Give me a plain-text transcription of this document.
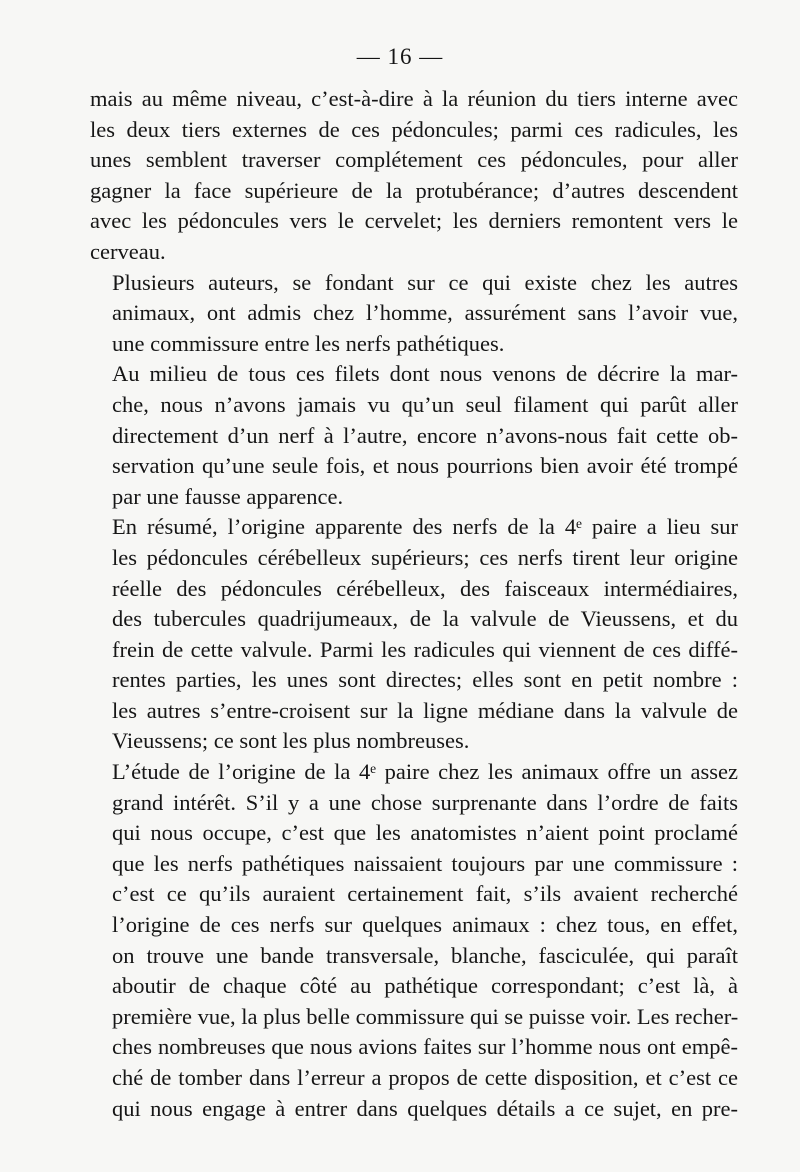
— 16 —

mais au même niveau, c’est-à-dire à la réunion du tiers interne avec
les deux tiers externes de ces pédoncules; parmi ces radicules, les
unes semblent traverser complétement ces pédoncules, pour aller
gagner la face supérieure de la protubérance; d’autres descendent
avec les pédoncules vers le cervelet; les derniers remontent vers le
cerveau.

Plusieurs auteurs, se fondant sur ce qui existe chez les autres
animaux, ont admis chez l’homme, assurément sans l’avoir vue,
une commissure entre les nerfs pathétiques.

Au milieu de tous ces filets dont nous venons de décrire la mar-
che, nous n’avons jamais vu qu’un seul filament qui parût aller
directement d’un nerf à l’autre, encore n’avons-nous fait cette ob-
servation qu’une seule fois, et nous pourrions bien avoir été trompé
par une fausse apparence.

En résumé, l’origine apparente des nerfs de la 4ᵉ paire a lieu sur
les pédoncules cérébelleux supérieurs; ces nerfs tirent leur origine
réelle des pédoncules cérébelleux, des faisceaux intermédiaires,
des tubercules quadrijumeaux, de la valvule de Vieussens, et du
frein de cette valvule. Parmi les radicules qui viennent de ces diffé-
rentes parties, les unes sont directes; elles sont en petit nombre :
les autres s’entre-croisent sur la ligne médiane dans la valvule de
Vieussens; ce sont les plus nombreuses.

L’étude de l’origine de la 4ᵉ paire chez les animaux offre un assez
grand intérêt. S’il y a une chose surprenante dans l’ordre de faits
qui nous occupe, c’est que les anatomistes n’aient point proclamé
que les nerfs pathétiques naissaient toujours par une commissure :
c’est ce qu’ils auraient certainement fait, s’ils avaient recherché
l’origine de ces nerfs sur quelques animaux : chez tous, en effet,
on trouve une bande transversale, blanche, fasciculée, qui paraît
aboutir de chaque côté au pathétique correspondant; c’est là, à
première vue, la plus belle commissure qui se puisse voir. Les recher-
ches nombreuses que nous avions faites sur l’homme nous ont empê-
ché de tomber dans l’erreur a propos de cette disposition, et c’est ce
qui nous engage à entrer dans quelques détails a ce sujet, en pre-
